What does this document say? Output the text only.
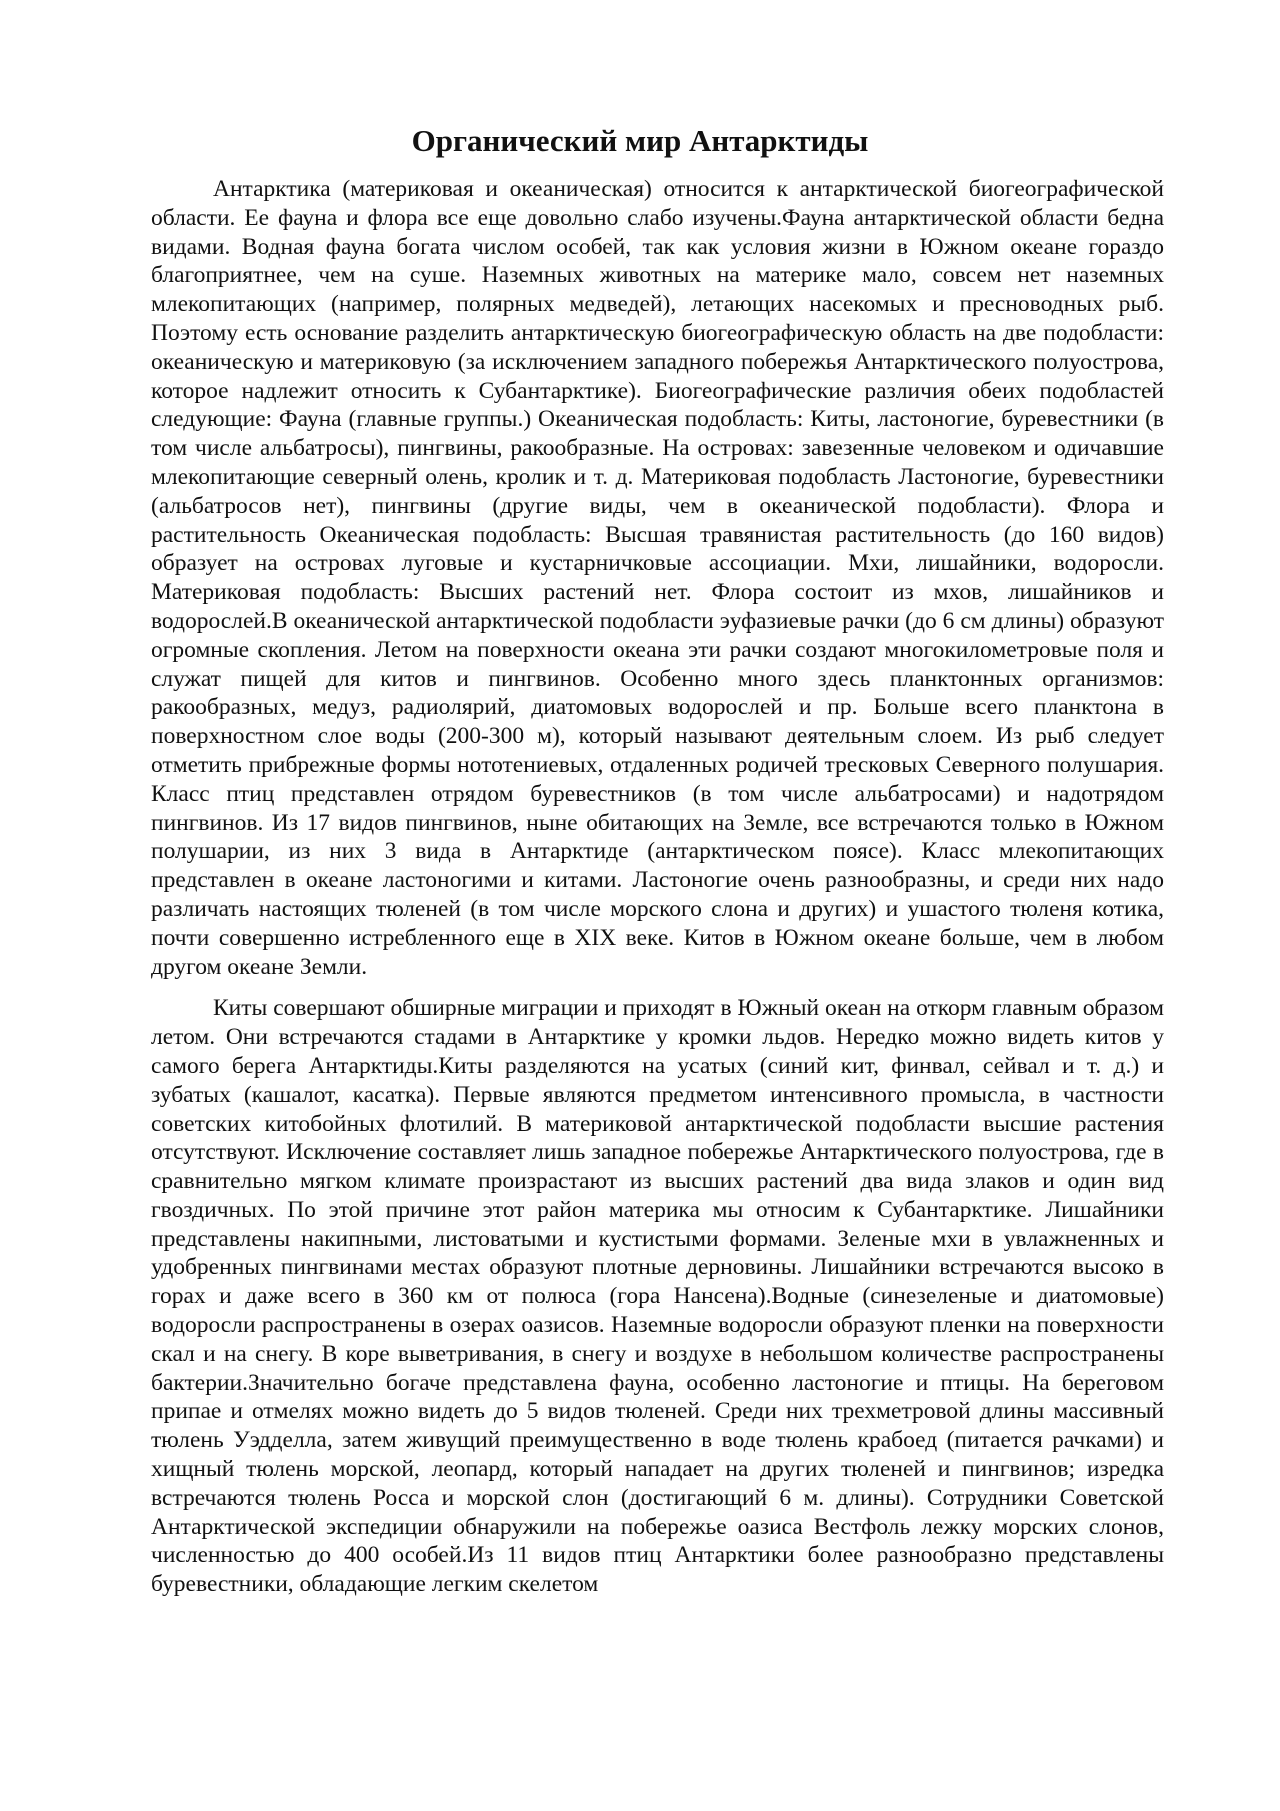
Органический мир Антарктиды

Антарктика (материковая и океаническая) относится к антарктической биогеографической области. Ее фауна и флора все еще довольно слабо изучены.Фауна антарктической области бедна видами. Водная фауна богата числом особей, так как условия жизни в Южном океане гораздо благоприятнее, чем на суше. Наземных животных на материке мало, совсем нет наземных млекопитающих (например, полярных медведей), летающих насекомых и пресноводных рыб. Поэтому есть основание разделить антарктическую биогеографическую область на две подобласти: океаническую и материковую (за исключением западного побережья Антарктического полуострова, которое надлежит относить к Субантарктике). Биогеографические различия обеих подобластей следующие: Фауна (главные группы.) Океаническая подобласть: Киты, ластоногие, буревестники (в том числе альбатросы), пингвины, ракообразные. На островах: завезенные человеком и одичавшие млекопитающие северный олень, кролик и т. д. Материковая подобласть Ластоногие, буревестники (альбатросов нет), пингвины (другие виды, чем в океанической подобласти). Флора и растительность Океаническая подобласть: Высшая травянистая растительность (до 160 видов) образует на островах луговые и кустарничковые ассоциации. Мхи, лишайники, водоросли. Материковая подобласть: Высших растений нет. Флора состоит из мхов, лишайников и водорослей.В океанической антарктической подобласти эуфазиевые рачки (до 6 см длины) образуют огромные скопления. Летом на поверхности океана эти рачки создают многокилометровые поля и служат пищей для китов и пингвинов. Особенно много здесь планктонных организмов: ракообразных, медуз, радиолярий, диатомовых водорослей и пр. Больше всего планктона в поверхностном слое воды (200-300 м), который называют деятельным слоем. Из рыб следует отметить прибрежные формы нототениевых, отдаленных родичей тресковых Северного полушария. Класс птиц представлен отрядом буревестников (в том числе альбатросами) и надотрядом пингвинов. Из 17 видов пингвинов, ныне обитающих на Земле, все встречаются только в Южном полушарии, из них 3 вида в Антарктиде (антарктическом поясе). Класс млекопитающих представлен в океане ластоногими и китами. Ластоногие очень разнообразны, и среди них надо различать настоящих тюленей (в том числе морского слона и других) и ушастого тюленя котика, почти совершенно истребленного еще в XIX веке. Китов в Южном океане больше, чем в любом другом океане Земли.

Киты совершают обширные миграции и приходят в Южный океан на откорм главным образом летом. Они встречаются стадами в Антарктике у кромки льдов. Нередко можно видеть китов у самого берега Антарктиды.Киты разделяются на усатых (синий кит, финвал, сейвал и т. д.) и зубатых (кашалот, касатка). Первые являются предметом интенсивного промысла, в частности советских китобойных флотилий. В материковой антарктической подобласти высшие растения отсутствуют. Исключение составляет лишь западное побережье Антарктического полуострова, где в сравнительно мягком климате произрастают из высших растений два вида злаков и один вид гвоздичных. По этой причине этот район материка мы относим к Субантарктике. Лишайники представлены накипными, листоватыми и кустистыми формами. Зеленые мхи в увлажненных и удобренных пингвинами местах образуют плотные дерновины. Лишайники встречаются высоко в горах и даже всего в 360 км от полюса (гора Нансена).Водные (синезеленые и диатомовые) водоросли распространены в озерах оазисов. Наземные водоросли образуют пленки на поверхности скал и на снегу. В коре выветривания, в снегу и воздухе в небольшом количестве распространены бактерии.Значительно богаче представлена фауна, особенно ластоногие и птицы. На береговом припае и отмелях можно видеть до 5 видов тюленей. Среди них трехметровой длины массивный тюлень Уэдделла, затем живущий преимущественно в воде тюлень крабоед (питается рачками) и хищный тюлень морской, леопард, который нападает на других тюленей и пингвинов; изредка встречаются тюлень Росса и морской слон (достигающий 6 м. длины). Сотрудники Советской Антарктической экспедиции обнаружили на побережье оазиса Вестфоль лежку морских слонов, численностью до 400 особей.Из 11 видов птиц Антарктики более разнообразно представлены буревестники, обладающие легким скелетом
